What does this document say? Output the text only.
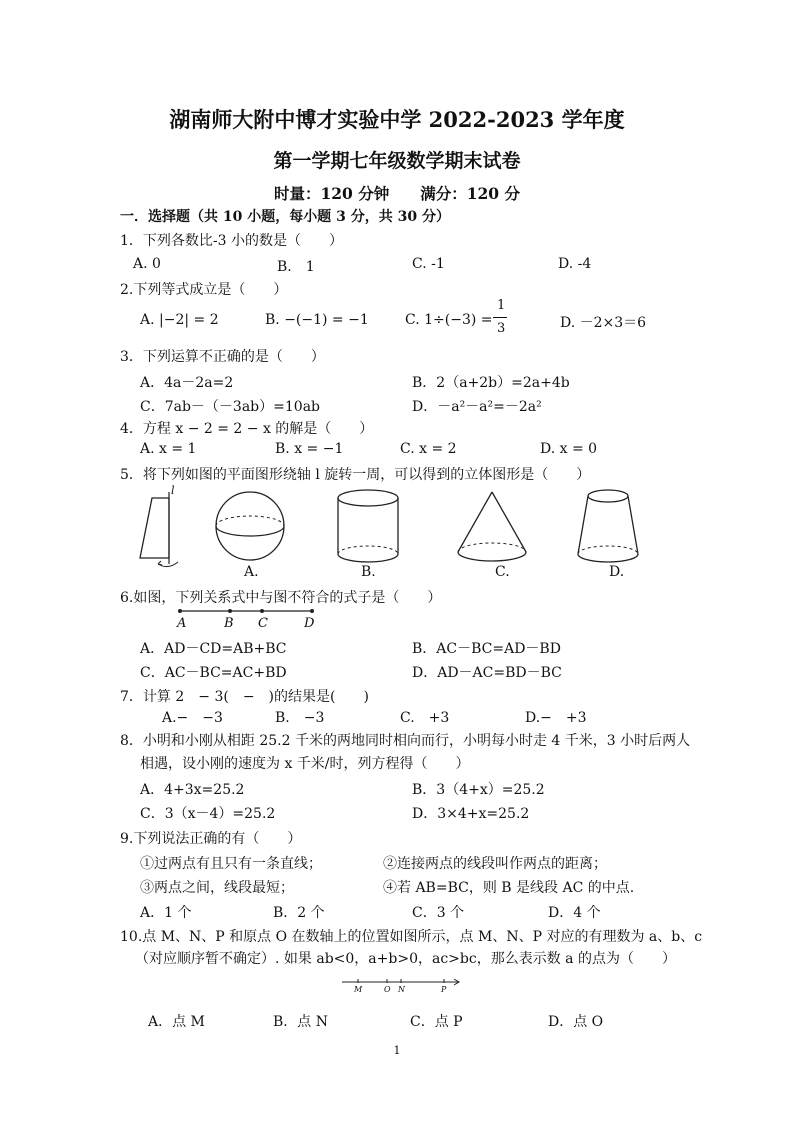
湖南师大附中博才实验中学 2022-2023 学年度
第一学期七年级数学期末试卷
时量：120 分钟　　满分：120 分
一．选择题（共 10 小题，每小题 3 分，共 30 分）
1．下列各数比-3 小的数是（　　）
A. 0	B.　1	C. -1	D. -4
2.下列等式成立是（　　）
A. |−2| = 2	B. −(−1) = −1	C. 1÷(−3) =
1
3	D. －2×3＝6
3．下列运算不正确的是（　　）
A．4a－2a=2	B．2（a+2b）=2a+4b
C．7ab－（－3ab）=10ab	D．－a²－a²=－2a²
4．方程 x − 2 = 2 − x 的解是（　　）
A. x = 1	B. x = −1	C. x = 2	D. x = 0
5．将下列如图的平面图形绕轴 l 旋转一周，可以得到的立体图形是（　　）
l
A.	B.	C.	D.
6.如图，下列关系式中与图不符合的式子是（　　）
A	B C	D
A．AD－CD=AB+BC	B．AC－BC=AD－BD
C．AC－BC=AC+BD	D．AD－AC=BD－BC
7．计算 2　− 3(　−　)的结果是(　　)
A.−　−3	B.　−3	C.　+3	D.−　+3
8．小明和小刚从相距 25.2 千米的两地同时相向而行，小明每小时走 4 千米，3 小时后两人
相遇，设小刚的速度为 x 千米/时，列方程得（　　）
A．4+3x=25.2	B．3（4+x）=25.2
C．3（x－4）=25.2	D．3×4+x=25.2
9.下列说法正确的有（　　）
①过两点有且只有一条直线；	②连接两点的线段叫作两点的距离；
③两点之间，线段最短；	④若 AB=BC，则 B 是线段 AC 的中点.
A．1 个	B．2 个	C．3 个	D．4 个
10.点 M、N、P 和原点 O 在数轴上的位置如图所示，点 M、N、P 对应的有理数为 a、b、c
（对应顺序暂不确定）. 如果 ab<0，a+b>0，ac>bc，那么表示数 a 的点为（　　）
M	O N	P
A．点 M	B．点 N	C．点 P	D．点 O
1
